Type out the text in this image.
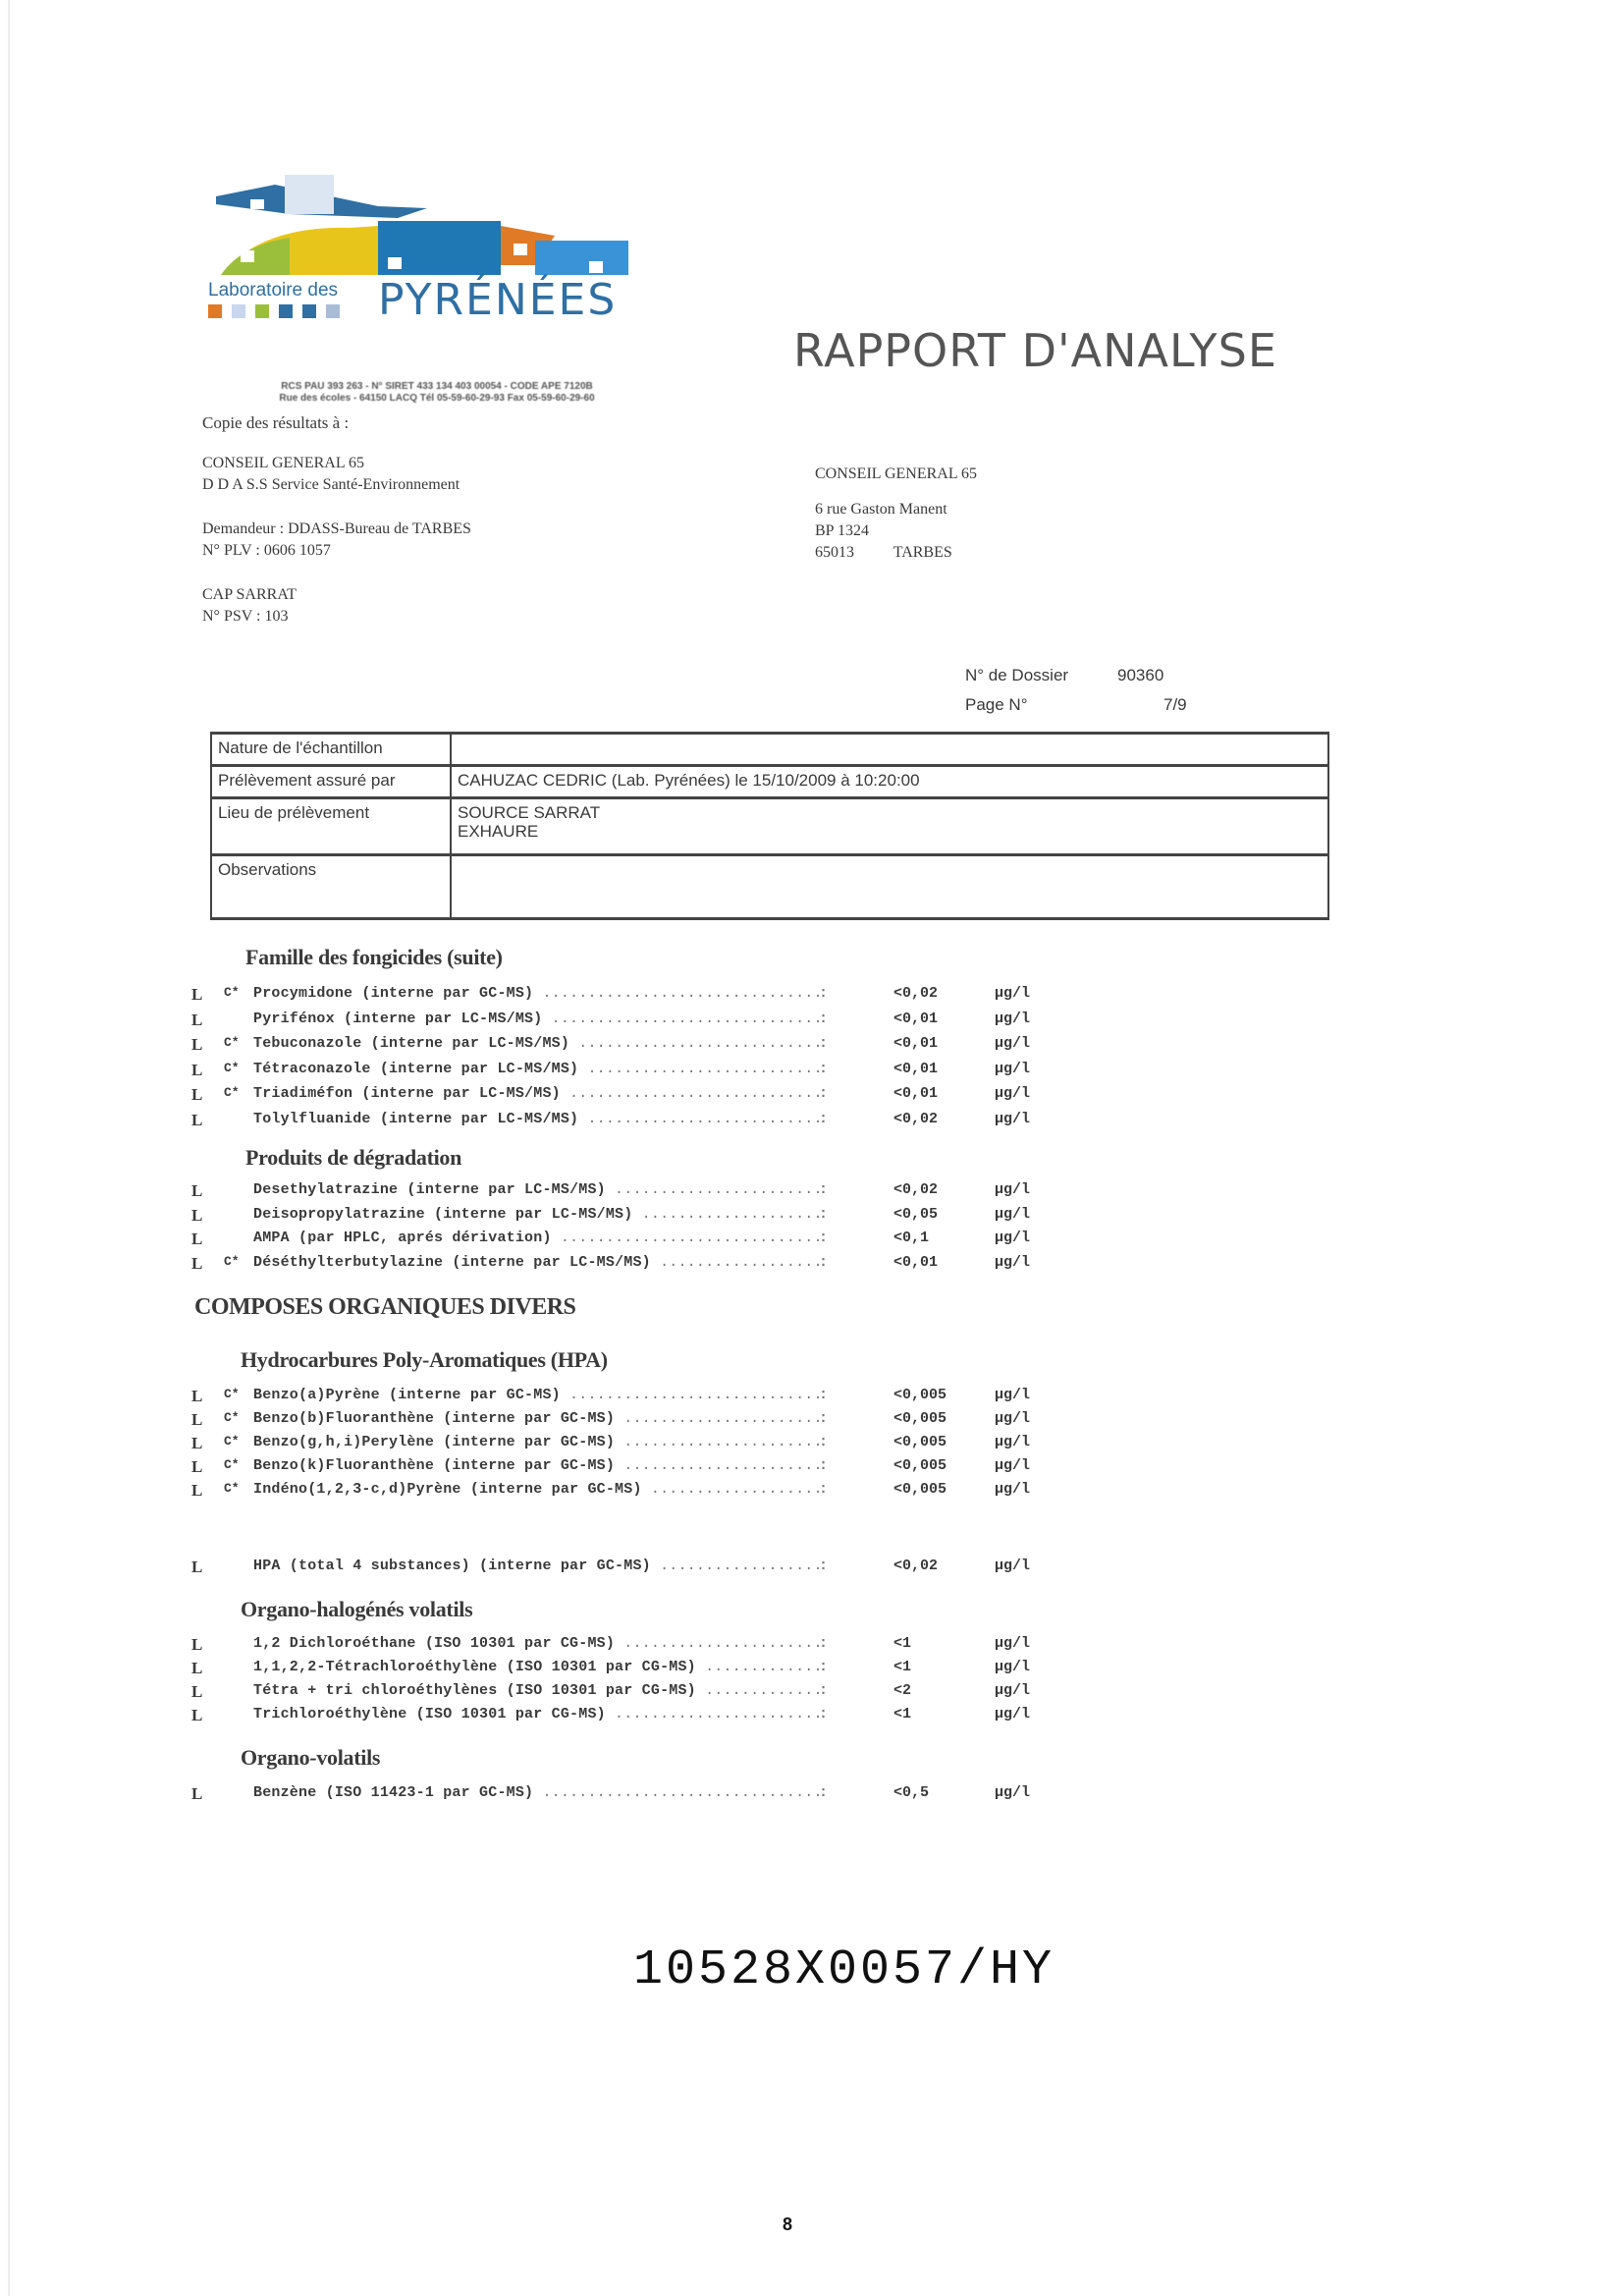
Laboratoire des PYRÉNÉES
RCS PAU 393 263 - N° SIRET 433 134 403 00054 - CODE APE 7120B
Rue des écoles - 64150 LACQ Tél 05-59-60-29-93 Fax 05-59-60-29-60
RAPPORT D'ANALYSE
Copie des résultats à :
CONSEIL GENERAL 65
D D A S.S Service Santé-Environnement
Demandeur : DDASS-Bureau de TARBES
N° PLV : 0606 1057
CAP SARRAT
N° PSV : 103
CONSEIL GENERAL 65
6 rue Gaston Manent
BP 1324
65013          TARBES
N° de Dossier	90360
Page N°	7/9
Nature de l'échantillon
Prélèvement assuré par	CAHUZAC CEDRIC (Lab. Pyrénées) le 15/10/2009 à 10:20:00
Lieu de prélèvement	SOURCE SARRAT
EXHAURE
Observations
Famille des fongicides (suite)
L C* Procymidone (interne par GC-MS) .....	<0,02	µg/l
:
L	Pyrifénox (interne par LC-MS/MS) .....	<0,01	µg/l
:
L C* Tebuconazole (interne par LC-MS/MS) .....	<0,01	µg/l
:
L C* Tétraconazole (interne par LC-MS/MS) .....	<0,01	µg/l
:
L C* Triadiméfon (interne par LC-MS/MS) .....	<0,01	µg/l
:
L	Tolylfluanide (interne par LC-MS/MS) .....	<0,02	µg/l
:
Produits de dégradation
L	Desethylatrazine (interne par LC-MS/MS) .....	<0,02	µg/l
:
L	Deisopropylatrazine (interne par LC-MS/MS) .....	<0,05	µg/l
:
L	AMPA (par HPLC, aprés dérivation) .....	<0,1	µg/l
:
L C* Déséthylterbutylazine (interne par LC-MS/MS) .....	<0,01	µg/l
:
COMPOSES ORGANIQUES DIVERS
Hydrocarbures Poly-Aromatiques (HPA)
L C* Benzo(a)Pyrène (interne par GC-MS) .....	<0,005	µg/l
:
L C* Benzo(b)Fluoranthène (interne par GC-MS) .....	<0,005	µg/l
:
L C* Benzo(g,h,i)Perylène (interne par GC-MS) .....	<0,005	µg/l
:
L C* Benzo(k)Fluoranthène (interne par GC-MS) .....	<0,005	µg/l
:
L C* Indéno(1,2,3-c,d)Pyrène (interne par GC-MS) .....	<0,005	µg/l
:
L	HPA (total 4 substances) (interne par GC-MS) .....	<0,02	µg/l
:
Organo-halogénés volatils
L	1,2 Dichloroéthane (ISO 10301 par CG-MS) .....	<1	µg/l
:
L	1,1,2,2-Tétrachloroéthylène (ISO 10301 par CG-MS) .....	<1	µg/l
:
L	Tétra + tri chloroéthylènes (ISO 10301 par CG-MS) .....	<2	µg/l
:
L	Trichloroéthylène (ISO 10301 par CG-MS) .....	<1	µg/l
:
Organo-volatils
L	Benzène (ISO 11423-1 par GC-MS) .....	<0,5	µg/l
:
10528X0057/HY
8
